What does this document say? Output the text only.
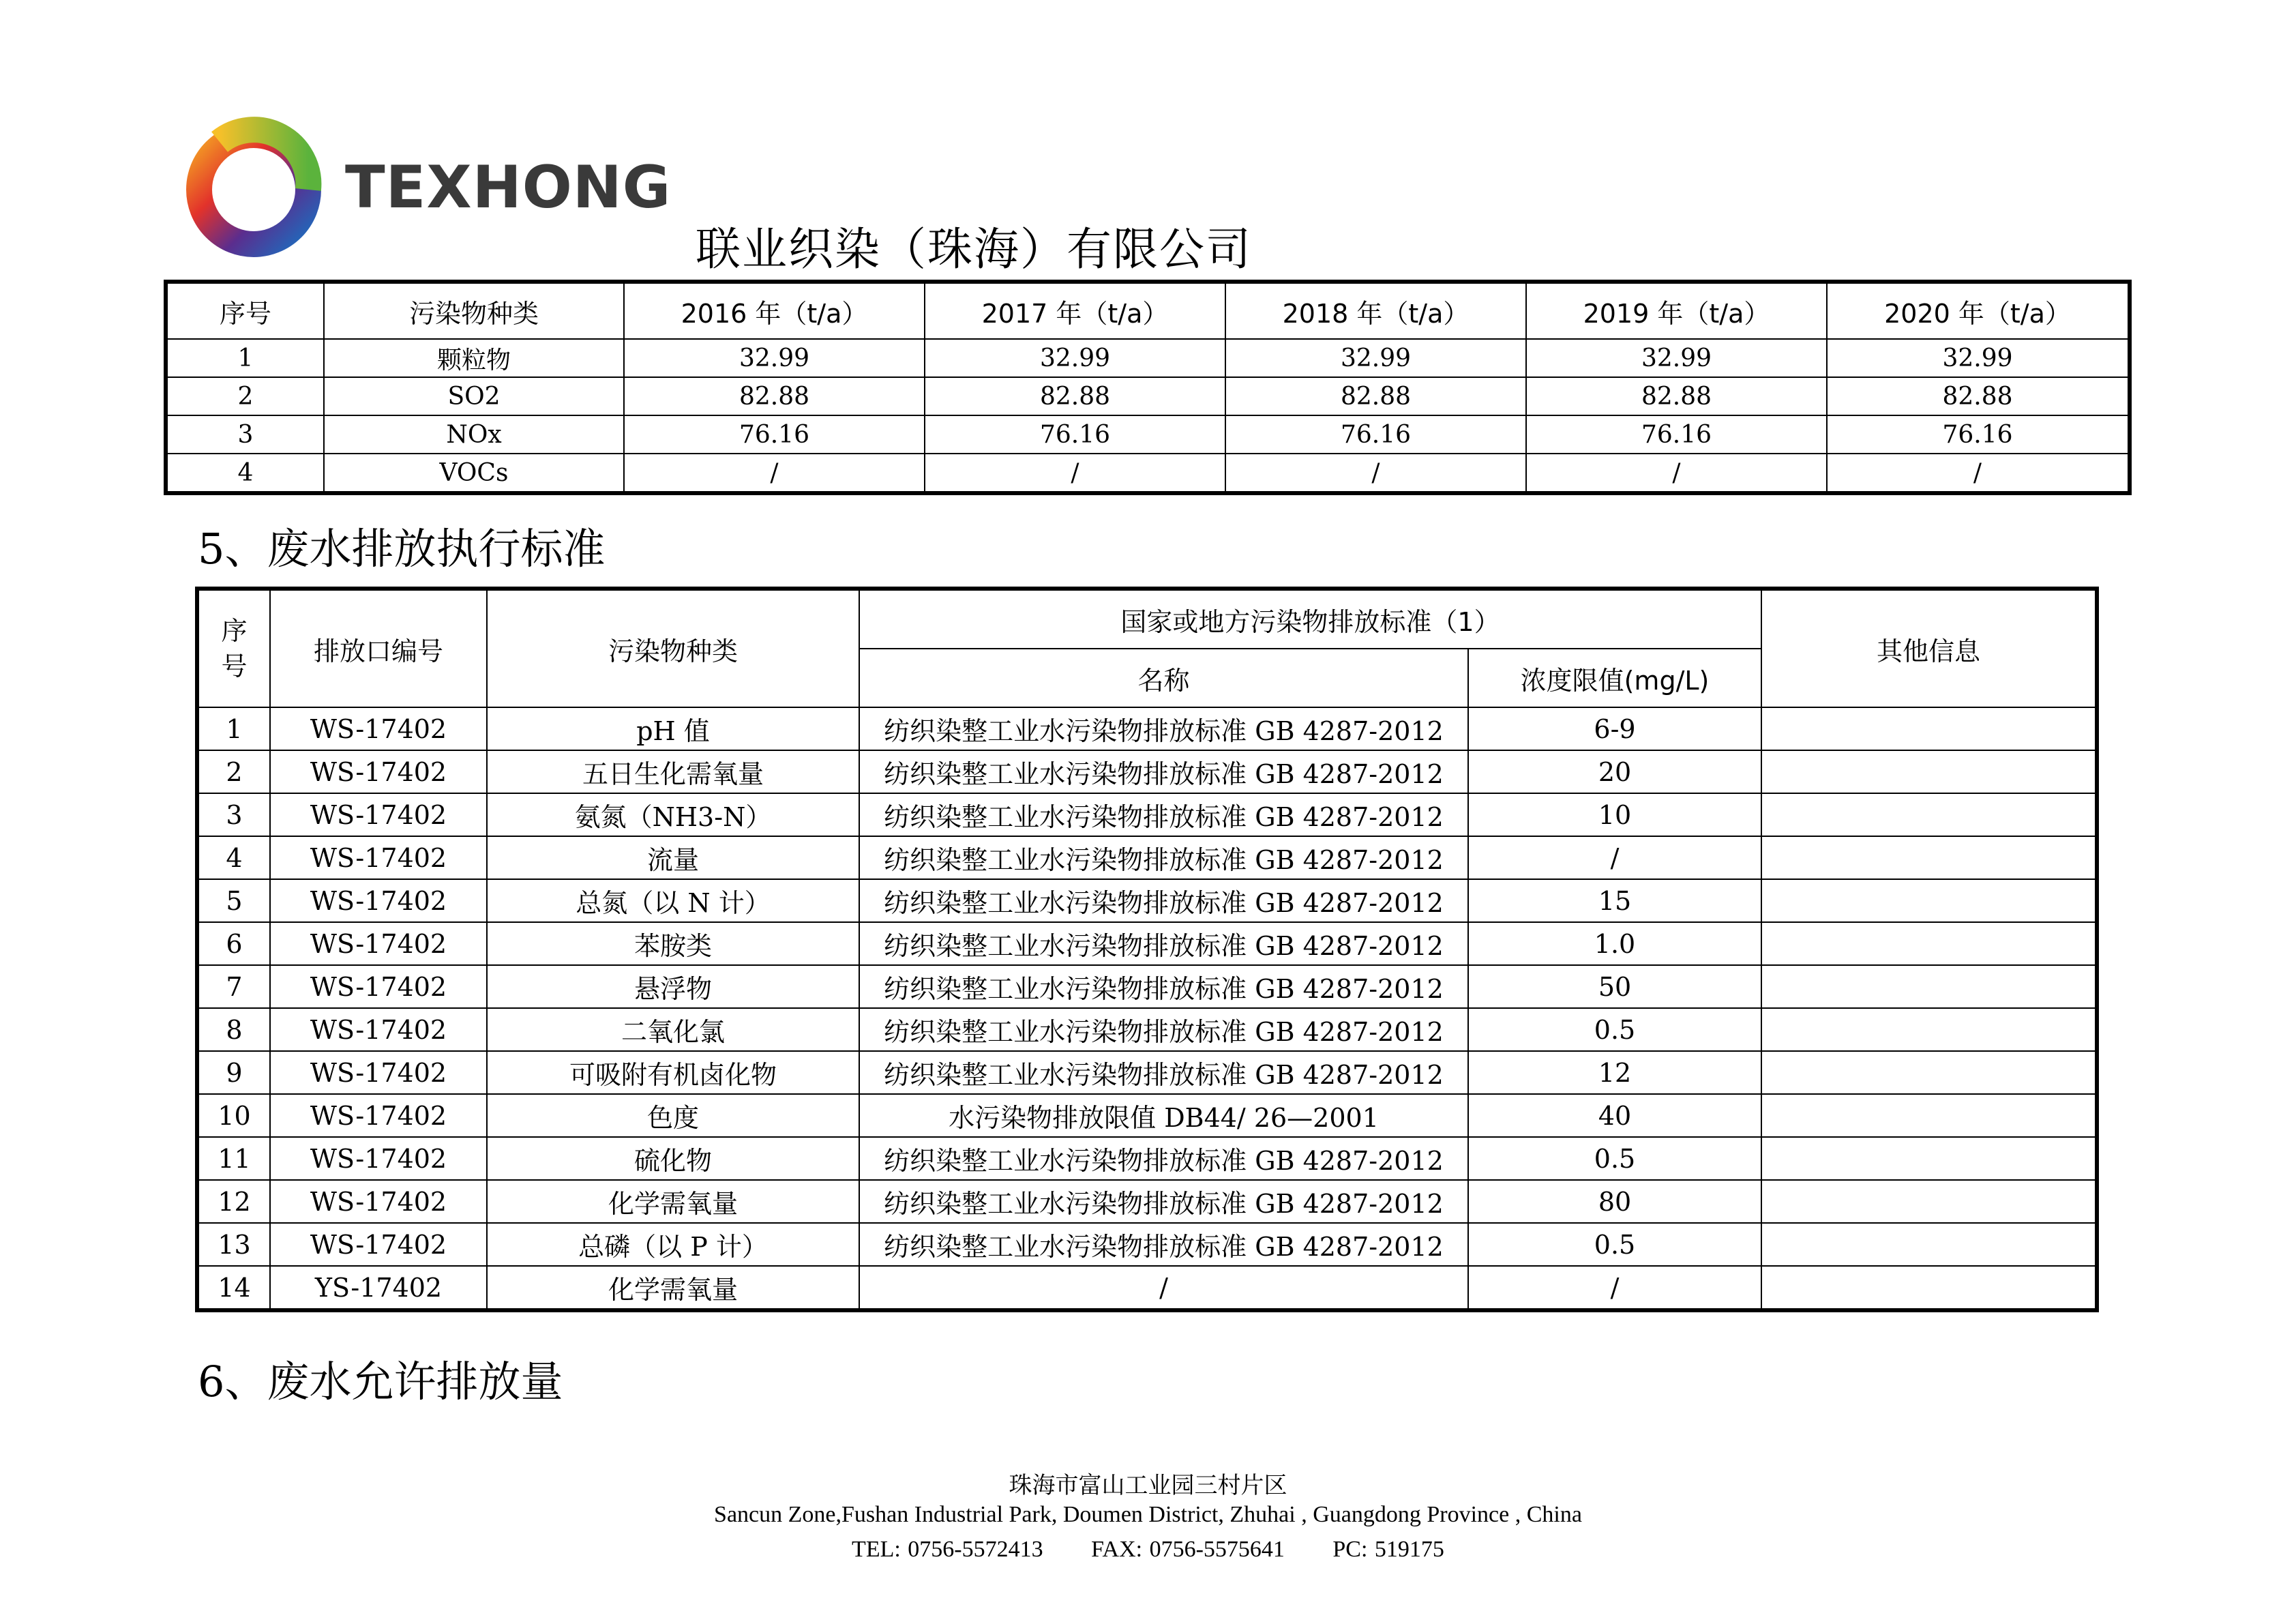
TEXHONG
联业织染（珠海）有限公司
序号	污染物种类	2016 年（t/a）	2017 年（t/a）	2018 年（t/a）	2019 年（t/a）	2020 年（t/a）
1	颗粒物	32.99	32.99	32.99	32.99	32.99
2	SO2	82.88	82.88	82.88	82.88	82.88
3	NOx	76.16	76.16	76.16	76.16	76.16
4	VOCs	/	/	/	/	/
5、废水排放执行标准
序号	排放口编号	污染物种类	国家或地方污染物排放标准（1）		其他信息
			名称	浓度限值(mg/L)	
1	WS-17402	pH 值	纺织染整工业水污染物排放标准 GB 4287-2012	6-9	
2	WS-17402	五日生化需氧量	纺织染整工业水污染物排放标准 GB 4287-2012	20	
3	WS-17402	氨氮（NH3-N）	纺织染整工业水污染物排放标准 GB 4287-2012	10	
4	WS-17402	流量	纺织染整工业水污染物排放标准 GB 4287-2012	/	
5	WS-17402	总氮（以 N 计）	纺织染整工业水污染物排放标准 GB 4287-2012	15	
6	WS-17402	苯胺类	纺织染整工业水污染物排放标准 GB 4287-2012	1.0	
7	WS-17402	悬浮物	纺织染整工业水污染物排放标准 GB 4287-2012	50	
8	WS-17402	二氧化氯	纺织染整工业水污染物排放标准 GB 4287-2012	0.5	
9	WS-17402	可吸附有机卤化物	纺织染整工业水污染物排放标准 GB 4287-2012	12	
10	WS-17402	色度	水污染物排放限值 DB44/ 26—2001	40	
11	WS-17402	硫化物	纺织染整工业水污染物排放标准 GB 4287-2012	0.5	
12	WS-17402	化学需氧量	纺织染整工业水污染物排放标准 GB 4287-2012	80	
13	WS-17402	总磷（以 P 计）	纺织染整工业水污染物排放标准 GB 4287-2012	0.5	
14	YS-17402	化学需氧量	/	/	
6、废水允许排放量
珠海市富山工业园三村片区
Sancun Zone,Fushan Industrial Park, Doumen District, Zhuhai , Guangdong Province , China
TEL: 0756-5572413 FAX: 0756-5575641 PC: 519175
